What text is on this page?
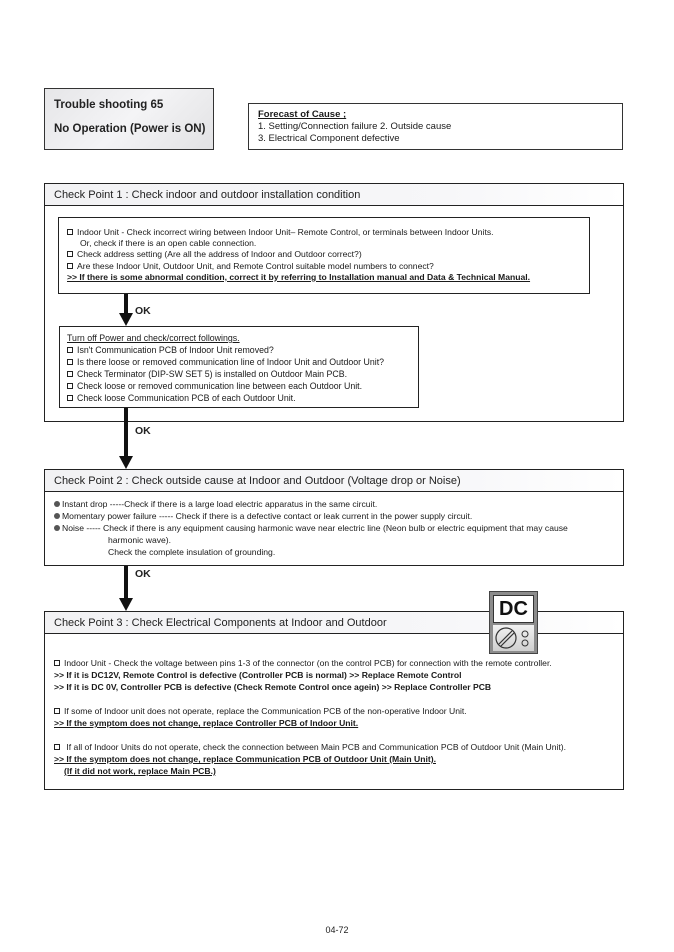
Trouble shooting 65
No Operation (Power is ON)
Forecast of Cause ;
1. Setting/Connection failure 2. Outside cause
3. Electrical Component defective
Check Point 1 : Check indoor and outdoor installation condition
Indoor Unit - Check incorrect wiring between Indoor Unit– Remote Control, or terminals between Indoor Units.
Or, check if there is an open cable connection.
Check address setting (Are all the address of Indoor and Outdoor correct?)
Are these Indoor Unit, Outdoor Unit, and Remote Control suitable model numbers to connect?
>> If there is some abnormal condition, correct it by referring to Installation manual and Data & Technical Manual.
OK
Turn off Power and check/correct followings.
Isn't Communication PCB of Indoor Unit removed?
Is there loose or removed communication line of Indoor Unit and Outdoor Unit?
Check Terminator (DIP-SW SET 5) is installed on Outdoor Main PCB.
Check loose or removed communication line between each Outdoor Unit.
Check loose Communication PCB of each Outdoor Unit.
OK
Check Point 2 : Check outside cause at Indoor and Outdoor (Voltage drop or Noise)
Instant drop -----Check if there is a large load electric apparatus in the same circuit.
Momentary power failure ----- Check if there is a defective contact or leak current in the power supply circuit.
Noise ----- Check if there is any equipment causing harmonic wave near electric line (Neon bulb or electric equipment that may cause
harmonic wave).
Check the complete insulation of grounding.
OK
Check Point 3 : Check Electrical Components at Indoor and Outdoor
Indoor Unit - Check the voltage between pins 1-3 of the connector (on the control PCB) for connection with the remote controller.
>> If it is DC12V, Remote Control is defective (Controller PCB is normal) >> Replace Remote Control
>> If it is DC 0V, Controller PCB is defective (Check Remote Control once agein) >> Replace Controller PCB
If some of Indoor unit does not operate, replace the Communication PCB of the non-operative Indoor Unit.
>> If the symptom does not change, replace Controller PCB of Indoor Unit.
If all of Indoor Units do not operate, check the connection between Main PCB and Communication PCB of Outdoor Unit (Main Unit).
>> If the symptom does not change, replace Communication PCB of Outdoor Unit (Main Unit).
(If it did not work, replace Main PCB.)
DC
04-72
